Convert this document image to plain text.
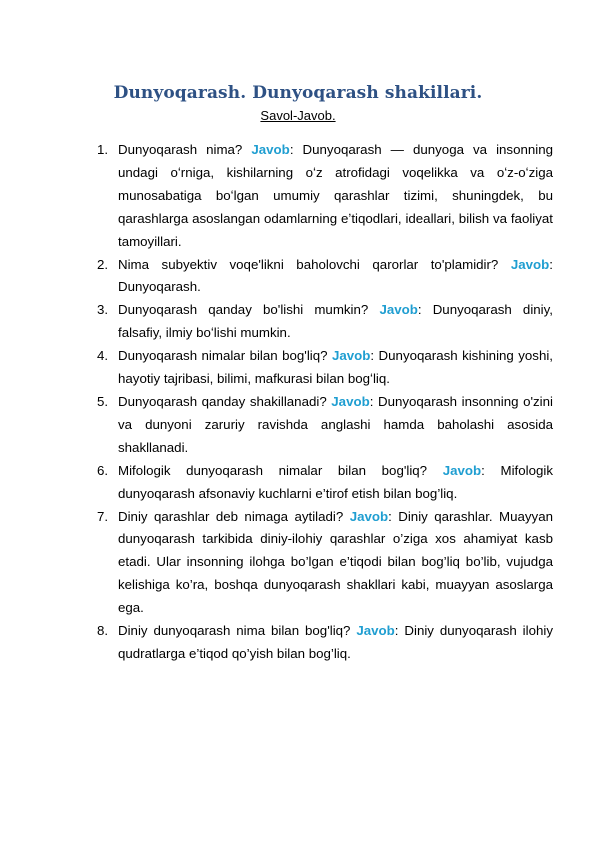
Dunyoqarash. Dunyoqarash shakillari.
Savol-Javob.
1. Dunyoqarash nima? Javob: Dunyoqarash — dunyoga va insonning undagi oʻrniga, kishilarning oʻz atrofidagi voqelikka va oʻz-oʻziga munosabatiga boʻlgan umumiy qarashlar tizimi, shuningdek, bu qarashlarga asoslangan odamlarning eʼtiqodlari, ideallari, bilish va faoliyat tamoyillari.
2. Nima subyektiv voqe'likni baholovchi qarorlar to'plamidir? Javob: Dunyoqarash.
3. Dunyoqarash qanday bo'lishi mumkin? Javob: Dunyoqarash diniy, falsafiy, ilmiy boʻlishi mumkin.
4. Dunyoqarash nimalar bilan bog'liq? Javob: Dunyoqarash kishining yoshi, hayotiy tajribasi, bilimi, mafkurasi bilan bogʻliq.
5. Dunyoqarash qanday shakillanadi? Javob: Dunyoqarash insonning o'zini va dunyoni zaruriy ravishda anglashi hamda baholashi asosida shakllanadi.
6. Mifologik dunyoqarash nimalar bilan bog'liq? Javob: Mifologik dunyoqarash afsonaviy kuchlarni e’tirof etish bilan bog’liq.
7. Diniy qarashlar deb nimaga aytiladi? Javob: Diniy qarashlar. Muayyan dunyoqarash tarkibida diniy-ilohiy qarashlar o’ziga xos ahamiyat kasb etadi. Ular insonning ilohga bo’lgan e’tiqodi bilan bog’liq bo’lib, vujudga kelishiga ko’ra, boshqa dunyoqarash shakllari kabi, muayyan asoslarga ega.
8. Diniy dunyoqarash nima bilan bog'liq? Javob: Diniy dunyoqarash ilohiy qudratlarga e’tiqod qo’yish bilan bog’liq.
